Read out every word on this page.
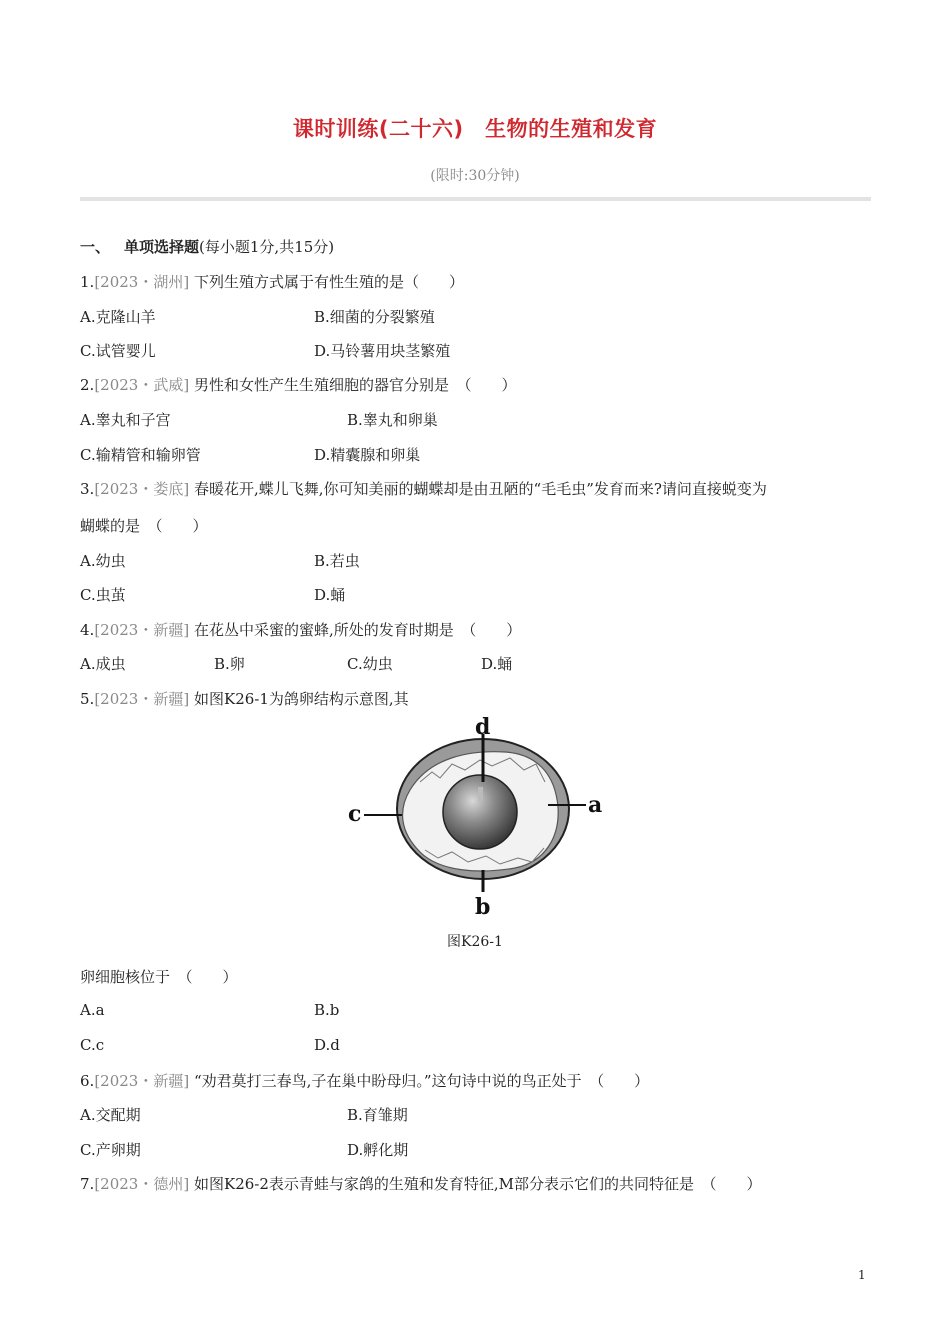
课时训练(二十六)　生物的生殖和发育
(限时:30分钟)
一、 单项选择题(每小题1分,共15分)
1.[2023・湖州] 下列生殖方式属于有性生殖的是（　　）
A.克隆山羊	B.细菌的分裂繁殖
C.试管婴儿	D.马铃薯用块茎繁殖
2.[2023・武威] 男性和女性产生生殖细胞的器官分别是　（　　）
A.睾丸和子宫	B.睾丸和卵巢
C.输精管和输卵管	D.精囊腺和卵巢
3.[2023・娄底] 春暖花开,蝶儿飞舞,你可知美丽的蝴蝶却是由丑陋的“毛毛虫”发育而来?请问直接蜕变为
蝴蝶的是　（　　）
A.幼虫	B.若虫
C.虫茧	D.蛹
4.[2023・新疆] 在花丛中采蜜的蜜蜂,所处的发育时期是　（　　）
A.成虫	B.卵	C.幼虫	D.蛹
5.[2023・新疆] 如图K26-1为鸽卵结构示意图,其
d
b
c	a
图K26-1
卵细胞核位于　（　　）
A.a	B.b
C.c	D.d
6.[2023・新疆] “劝君莫打三春鸟,子在巢中盼母归。”这句诗中说的鸟正处于　（　　）
A.交配期	B.育雏期
C.产卵期	D.孵化期
7.[2023・德州] 如图K26-2表示青蛙与家鸽的生殖和发育特征,M部分表示它们的共同特征是　（　　）
1
